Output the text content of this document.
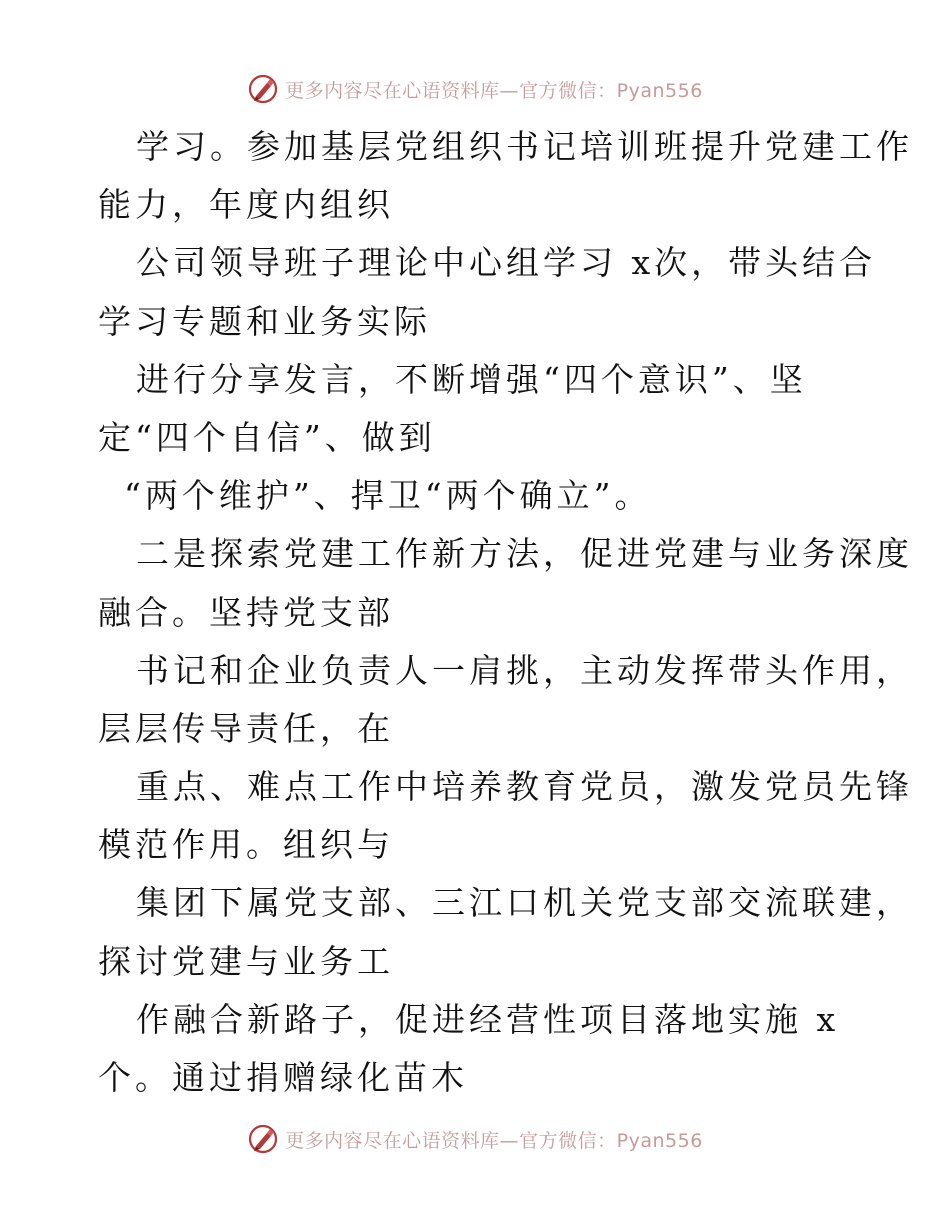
更多内容尽在心语资料库—官方微信：Pyan556
学习。参加基层党组织书记培训班提升党建工作
能力，年度内组织
公司领导班子理论中心组学习 x次，带头结合
学习专题和业务实际
进行分享发言，不断增强“四个意识”、坚
定“四个自信”、做到
“两个维护”、捍卫“两个确立”。
二是探索党建工作新方法，促进党建与业务深度
融合。坚持党支部
书记和企业负责人一肩挑，主动发挥带头作用，
层层传导责任，在
重点、难点工作中培养教育党员，激发党员先锋
模范作用。组织与
集团下属党支部、三江口机关党支部交流联建，
探讨党建与业务工
作融合新路子，促进经营性项目落地实施 x
个。通过捐赠绿化苗木
更多内容尽在心语资料库—官方微信：Pyan556
